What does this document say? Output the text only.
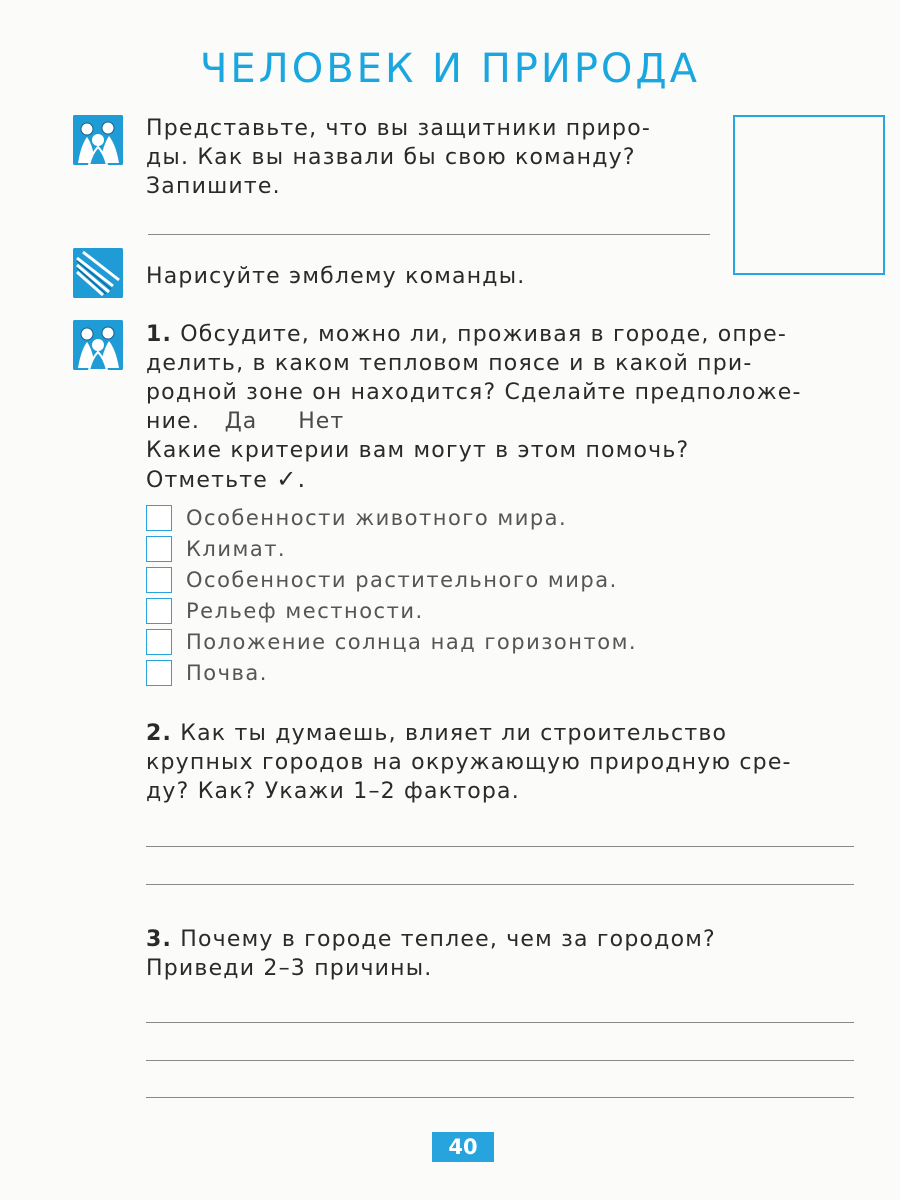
ЧЕЛОВЕК И ПРИРОДА
Представьте, что вы защитники приро-
ды. Как вы назвали бы свою команду?
Запишите.
Нарисуйте эмблему команды.
1. Обсудите, можно ли, проживая в городе, опре-
делить, в каком тепловом поясе и в какой при-
родной зоне он находится? Сделайте предположе-
ние. Да Нет
Какие критерии вам могут в этом помочь?
Отметьте ✓.
Особенности животного мира.
Климат.
Особенности растительного мира.
Рельеф местности.
Положение солнца над горизонтом.
Почва.
2. Как ты думаешь, влияет ли строительство
крупных городов на окружающую природную сре-
ду? Как? Укажи 1–2 фактора.
3. Почему в городе теплее, чем за городом?
Приведи 2–3 причины.
40
